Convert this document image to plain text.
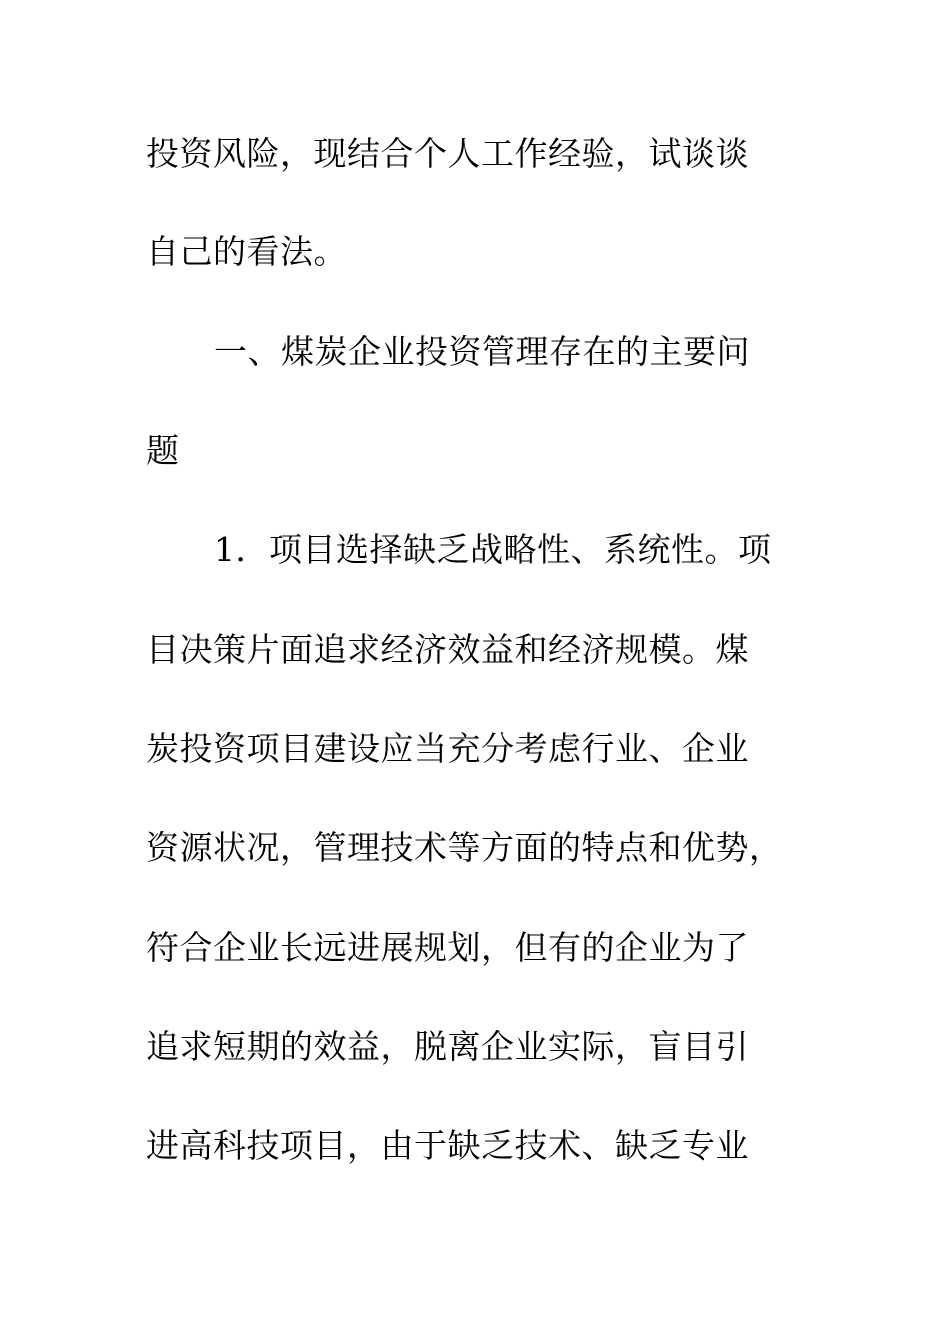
投资风险，现结合个人工作经验，试谈谈
自己的看法。
一、煤炭企业投资管理存在的主要问
题
1．项目选择缺乏战略性、系统性。项
目决策片面追求经济效益和经济规模。煤
炭投资项目建设应当充分考虑行业、企业
资源状况，管理技术等方面的特点和优势，
符合企业长远进展规划，但有的企业为了
追求短期的效益，脱离企业实际，盲目引
进高科技项目，由于缺乏技术、缺乏专业
